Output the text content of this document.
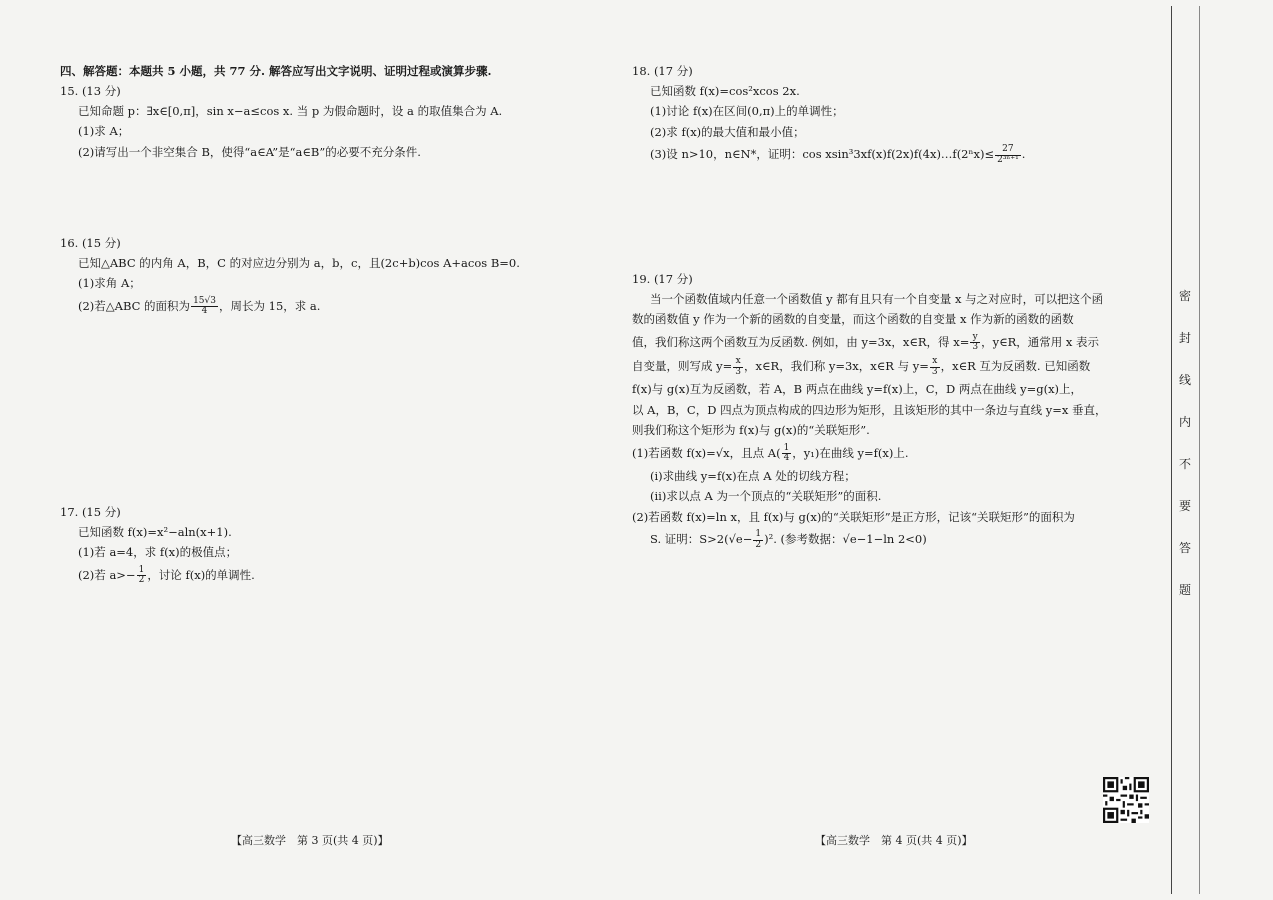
四、解答题：本题共 5 小题，共 77 分. 解答应写出文字说明、证明过程或演算步骤.

15. (13 分)

已知命题 p：∃x∈[0,π]，sin x−a≤cos x. 当 p 为假命题时，设 a 的取值集合为 A.

(1)求 A；

(2)请写出一个非空集合 B，使得“a∈A”是“a∈B”的必要不充分条件.

16. (15 分)

已知△ABC 的内角 A，B，C 的对应边分别为 a，b，c，且(2c+b)cos A+acos B=0.

(1)求角 A；

(2)若△ABC 的面积为 $\frac{15√3}{4}$ ，周长为 15，求 a.

17. (15 分)

已知函数 f(x)=x²−aln(x+1).

(1)若 a=4，求 f(x)的极值点；

(2)若 $a>- \frac{1}{2}$ ，讨论 f(x)的单调性.

18. (17 分)

已知函数 f(x)=cos²xcos 2x.

(1)讨论 f(x)在区间(0,π)上的单调性；

(2)求 f(x)的最大值和最小值；

(3)设 n>10，n∈N*，证明：cos xsin³3xf(x)f(2x)f(4x)…f(2ⁿx)≤ $\frac{27}{\text{2³ⁿ⁺¹}}$ .

19. (17 分)

当一个函数值域内任意一个函数值 y 都有且只有一个自变量 x 与之对应时，可以把这个函

数的函数值 y 作为一个新的函数的自变量，而这个函数的自变量 x 作为新的函数的函数

值，我们称这两个函数互为反函数. 例如，由 y=3x，x∈R，得 $x= \frac{y}{3}$ ，y∈R，通常用 x 表示

自变量，则写成 $y= \frac{x}{3}$ ，x∈R，我们称 y=3x，x∈R 与 $y= \frac{x}{3}$ ，x∈R 互为反函数. 已知函数

f(x)与 g(x)互为反函数，若 A，B 两点在曲线 y=f(x)上，C，D 两点在曲线 y=g(x)上，

以 A，B，C，D 四点为顶点构成的四边形为矩形，且该矩形的其中一条边与直线 y=x 垂直，

则我们称这个矩形为 f(x)与 g(x)的“关联矩形”.

(1)若函数 f(x)=√x，且点 $A( \frac{1}{4}$ ，y₁)在曲线 y=f(x)上.

(ⅰ)求曲线 y=f(x)在点 A 处的切线方程；

(ⅱ)求以点 A 为一个顶点的“关联矩形”的面积.

(2)若函数 f(x)=ln x，且 f(x)与 g(x)的“关联矩形”是正方形，记该“关联矩形”的面积为

S. 证明：$S>2(√e- \frac{1}{2} )^2$. (参考数据：√e−1−ln 2<0)

【高三数学　第 3 页(共 4 页)】	【高三数学　第 4 页(共 4 页)】
密
封
线
内
不
要
答
题
